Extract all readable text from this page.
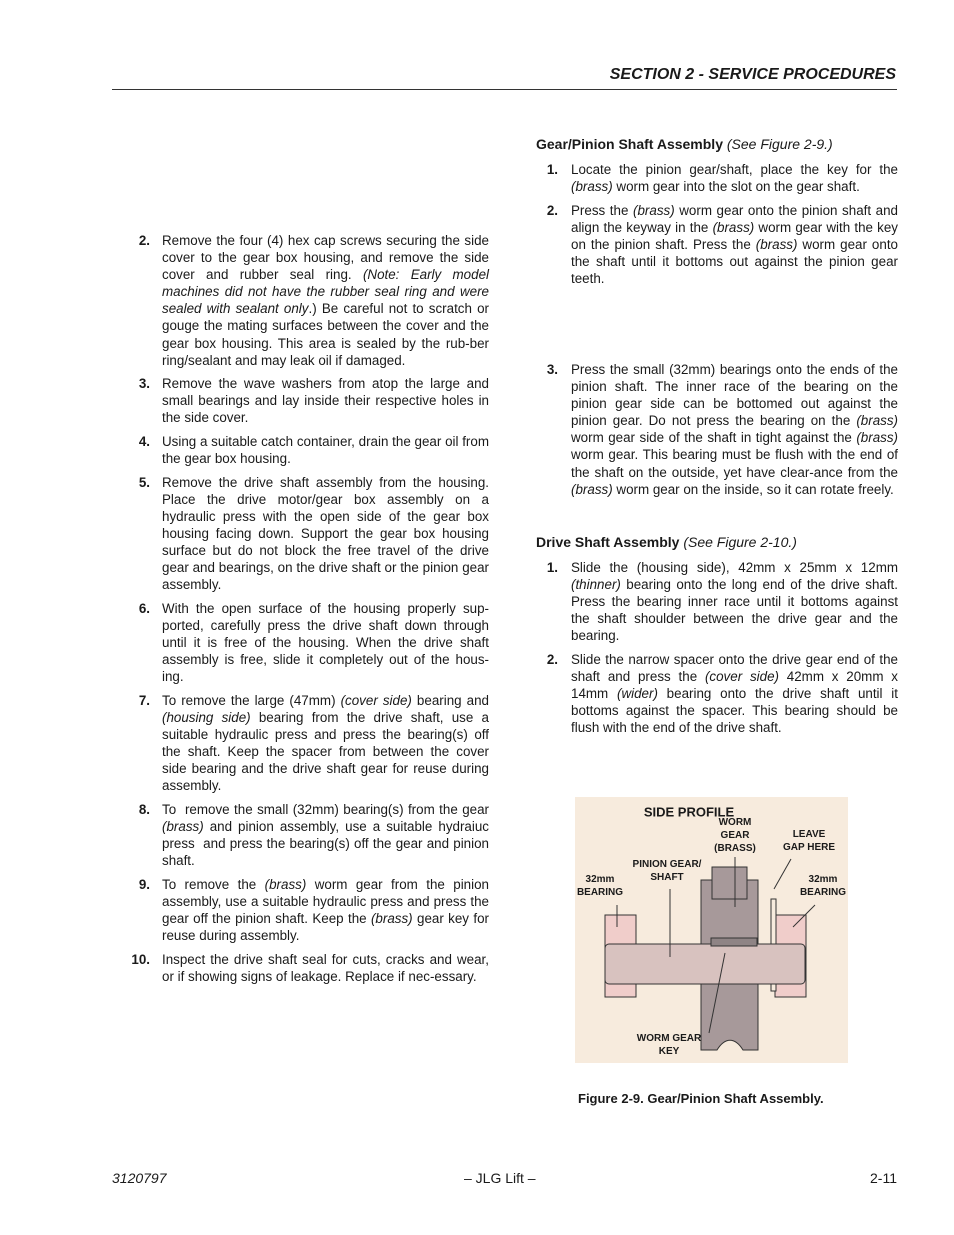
SECTION 2 - SERVICE PROCEDURES
2. Remove the four (4) hex cap screws securing the side cover to the gear box housing, and remove the side cover and rubber seal ring. (Note: Early model machines did not have the rubber seal ring and were sealed with sealant only.) Be careful not to scratch or gouge the mating surfaces between the cover and the gear box housing. This area is sealed by the rub-ber ring/sealant and may leak oil if damaged.
3. Remove the wave washers from atop the large and small bearings and lay inside their respective holes in the side cover.
4. Using a suitable catch container, drain the gear oil from the gear box housing.
5. Remove the drive shaft assembly from the housing. Place the drive motor/gear box assembly on a hydraulic press with the open side of the gear box housing facing down. Support the gear box housing surface but do not block the free travel of the drive gear and bearings, on the drive shaft or the pinion gear assembly.
6. With the open surface of the housing properly sup-ported, carefully press the drive shaft down through until it is free of the housing. When the drive shaft assembly is free, slide it completely out of the hous-ing.
7. To remove the large (47mm) (cover side) bearing and (housing side) bearing from the drive shaft, use a suitable hydraulic press and press the bearing(s) off the shaft. Keep the spacer from between the cover side bearing and the drive shaft gear for reuse during assembly.
8. To  remove the small (32mm) bearing(s) from the gear (brass) and pinion assembly, use a suitable hydraiuc press  and press the bearing(s) off the gear and pinion shaft.
9. To remove the (brass) worm gear from the pinion assembly, use a suitable hydraulic press and press the gear off the pinion shaft. Keep the (brass) gear key for reuse during assembly.
10. Inspect the drive shaft seal for cuts, cracks and wear, or if showing signs of leakage. Replace if nec-essary.
Gear/Pinion Shaft Assembly (See Figure 2-9.)
1. Locate the pinion gear/shaft, place the key for the (brass) worm gear into the slot on the gear shaft.
2. Press the (brass) worm gear onto the pinion shaft and align the keyway in the (brass) worm gear with the key on the pinion shaft. Press the (brass) worm gear onto the shaft until it bottoms out against the pinion gear teeth.
3. Press the small (32mm) bearings onto the ends of the pinion shaft. The inner race of the bearing on the pinion gear side can be bottomed out against the pinion gear. Do not press the bearing on the (brass) worm gear side of the shaft in tight against the (brass) worm gear. This bearing must be flush with the end of the shaft on the outside, yet have clear-ance from the (brass) worm gear on the inside, so it can rotate freely.
Drive Shaft Assembly (See Figure 2-10.)
1. Slide the (housing side), 42mm x 25mm x 12mm (thinner) bearing onto the long end of the drive shaft. Press the bearing inner race until it bottoms against the shaft shoulder between the drive gear and the bearing.
2. Slide the narrow spacer onto the drive gear end of the shaft and press the (cover side) 42mm x 20mm x 14mm (wider) bearing onto the drive shaft until it bottoms against the spacer. This bearing should be flush with the end of the drive shaft.
SIDE PROFILE
WORM
GEAR
(BRASS)
LEAVE
GAP HERE
PINION GEAR/
SHAFT
32mm
BEARING
32mm
BEARING
WORM GEAR
KEY
Figure 2-9. Gear/Pinion Shaft Assembly.
3120797	– JLG Lift –	2-11
